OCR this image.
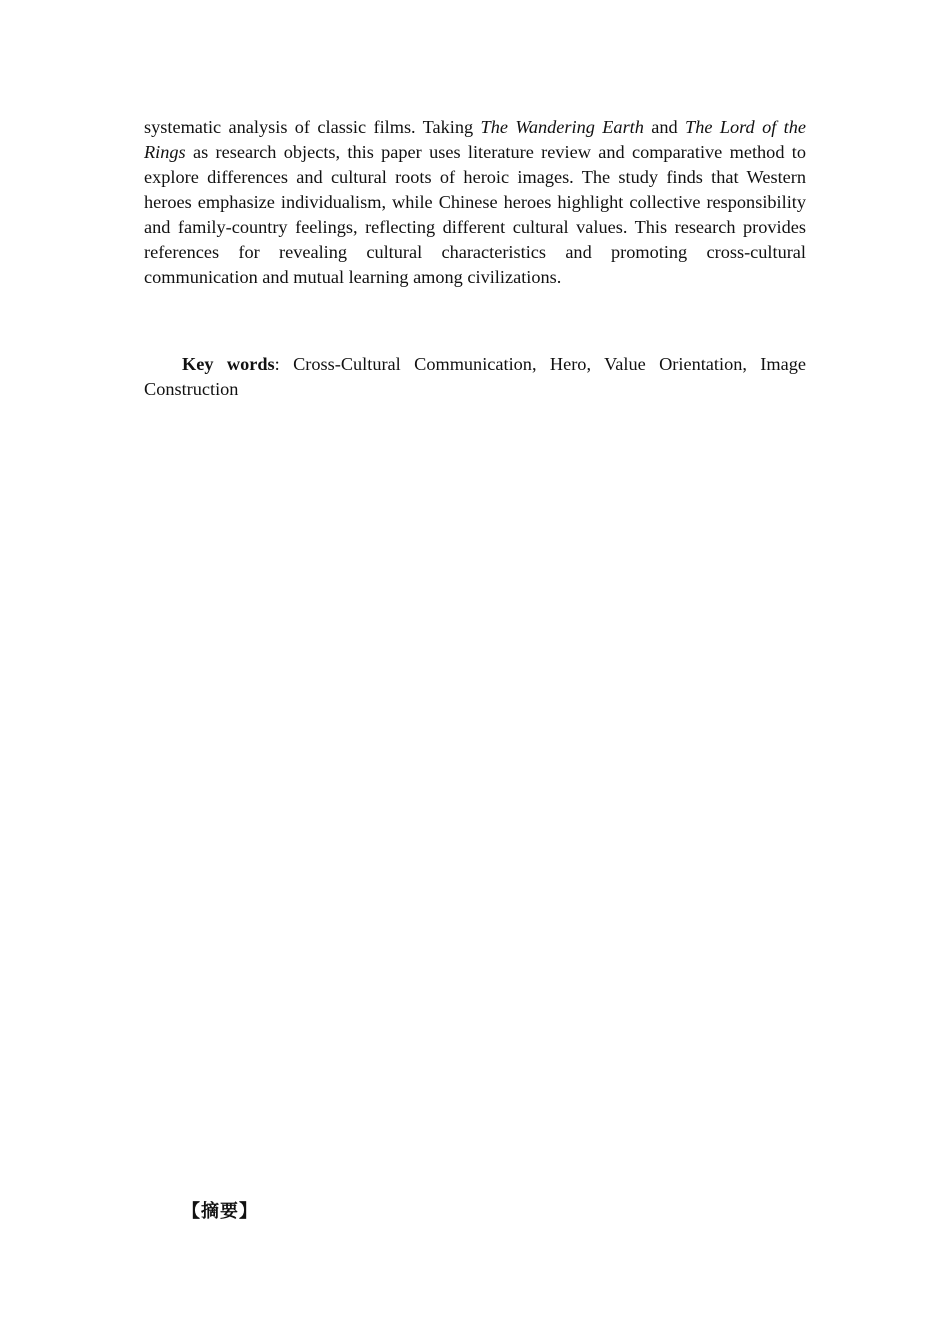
systematic analysis of classic films. Taking The Wandering Earth and The Lord of the Rings as research objects, this paper uses literature review and comparative method to explore differences and cultural roots of heroic images. The study finds that Western heroes emphasize individualism, while Chinese heroes highlight collective responsibility and family-country feelings, reflecting different cultural values. This research provides references for revealing cultural characteristics and promoting cross-cultural communication and mutual learning among civilizations.

Key words: Cross-Cultural Communication, Hero, Value Orientation, Image Construction

【摘要】
